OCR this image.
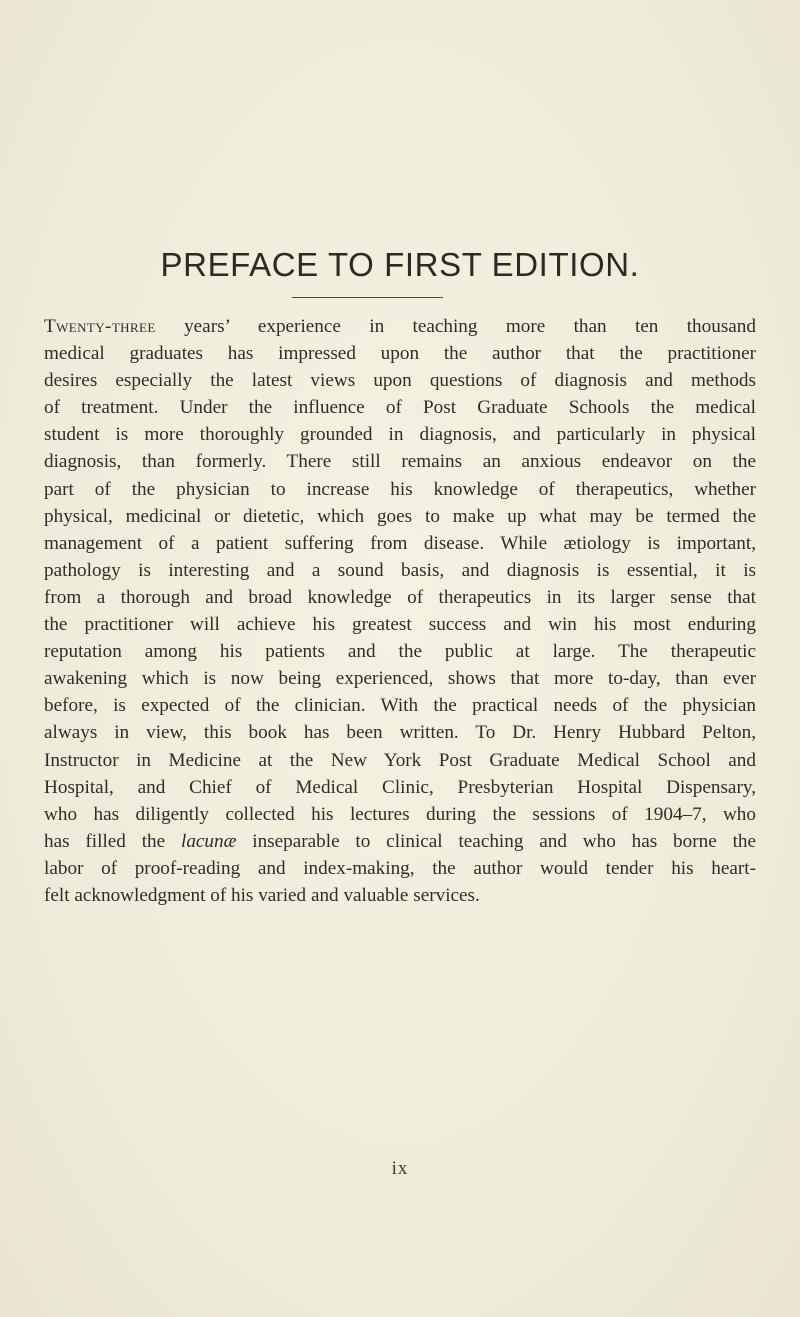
PREFACE TO FIRST EDITION.
Twenty-three years’ experience in teaching more than ten thousand
medical graduates has impressed upon the author that the practitioner
desires especially the latest views upon questions of diagnosis and methods
of treatment. Under the influence of Post Graduate Schools the medical
student is more thoroughly grounded in diagnosis, and particularly in physical
diagnosis, than formerly. There still remains an anxious endeavor on the
part of the physician to increase his knowledge of therapeutics, whether
physical, medicinal or dietetic, which goes to make up what may be termed the
management of a patient suffering from disease. While ætiology is important,
pathology is interesting and a sound basis, and diagnosis is essential, it is
from a thorough and broad knowledge of therapeutics in its larger sense that
the practitioner will achieve his greatest success and win his most enduring
reputation among his patients and the public at large. The therapeutic
awakening which is now being experienced, shows that more to-day, than ever
before, is expected of the clinician. With the practical needs of the physician
always in view, this book has been written. To Dr. Henry Hubbard Pelton,
Instructor in Medicine at the New York Post Graduate Medical School and
Hospital, and Chief of Medical Clinic, Presbyterian Hospital Dispensary,
who has diligently collected his lectures during the sessions of 1904–7, who
has filled the lacunæ inseparable to clinical teaching and who has borne the
labor of proof-reading and index-making, the author would tender his heart-
felt acknowledgment of his varied and valuable services.
ix
